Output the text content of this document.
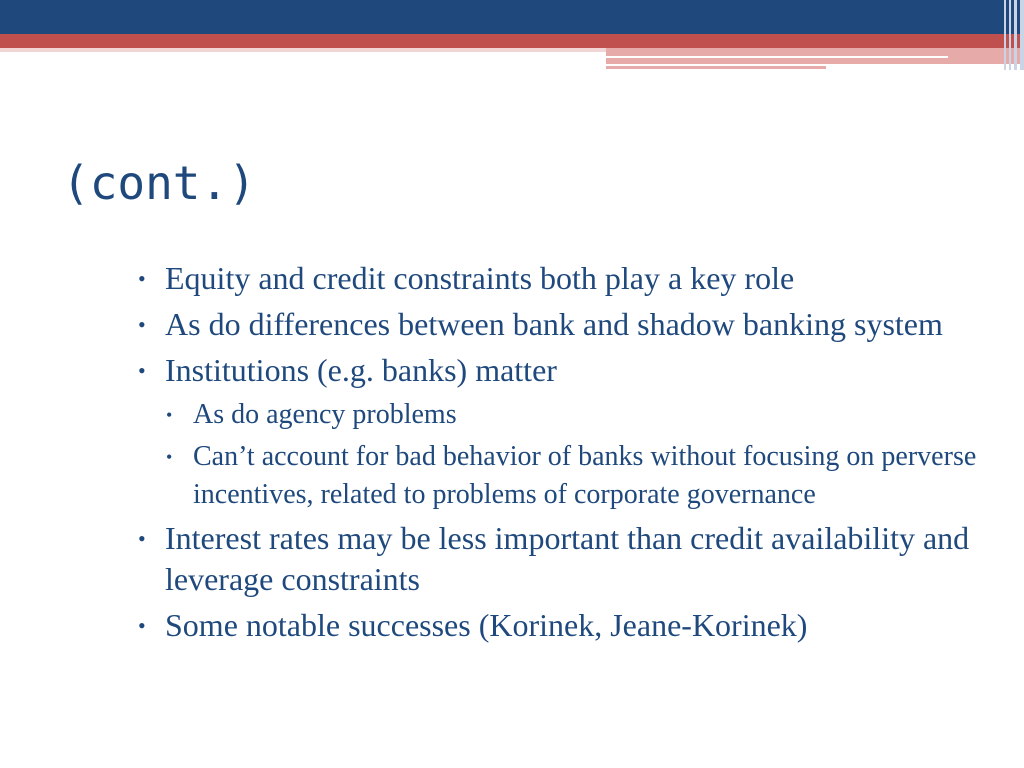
(cont.)
• Equity and credit constraints both play a key role
• As do differences between bank and shadow banking system
• Institutions (e.g. banks) matter
• As do agency problems
• Can’t account for bad behavior of banks without focusing on perverse incentives, related to problems of corporate governance
• Interest rates may be less important than credit availability and leverage constraints
• Some notable successes (Korinek, Jeane-Korinek)
